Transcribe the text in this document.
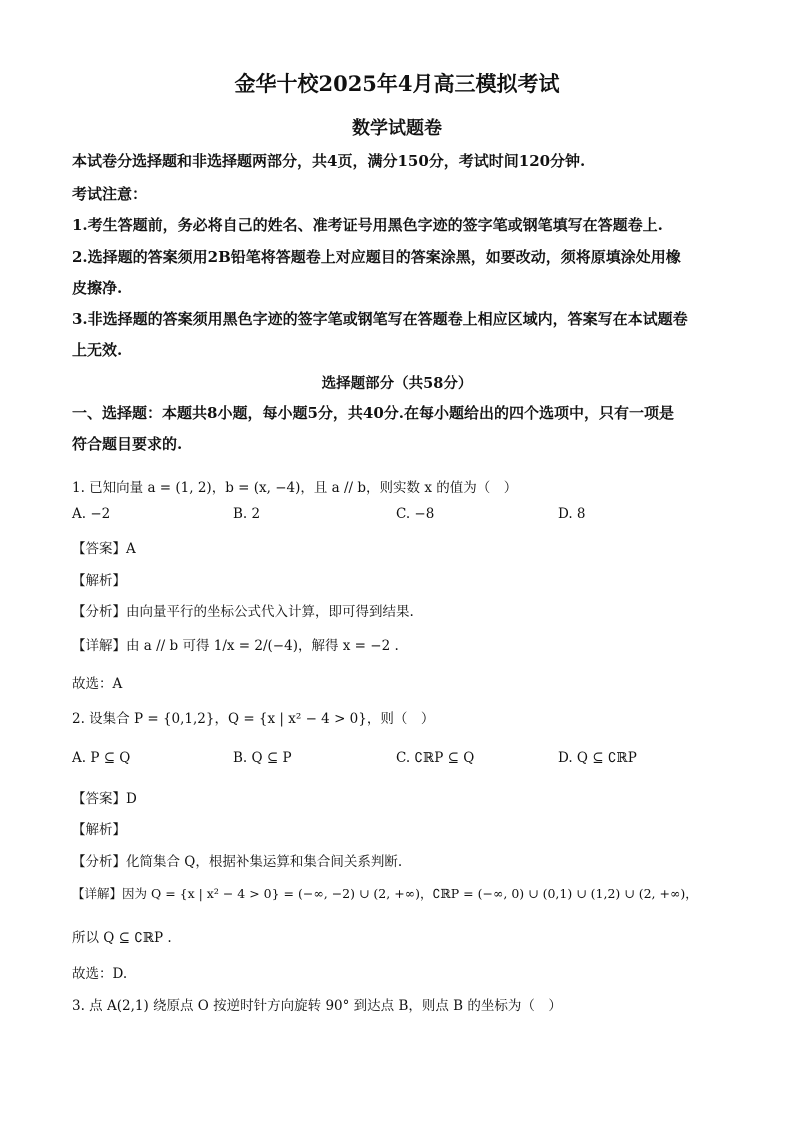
金华十校2025年4月高三模拟考试
数学试题卷
本试卷分选择题和非选择题两部分，共4页，满分150分，考试时间120分钟.
考试注意：
1.考生答题前，务必将自己的姓名、准考证号用黑色字迹的签字笔或钢笔填写在答题卷上.
2.选择题的答案须用2B铅笔将答题卷上对应题目的答案涂黑，如要改动，须将原填涂处用橡
皮擦净.
3.非选择题的答案须用黑色字迹的签字笔或钢笔写在答题卷上相应区域内，答案写在本试题卷
上无效.
选择题部分（共58分）
一、选择题：本题共8小题，每小题5分，共40分.在每小题给出的四个选项中，只有一项是
符合题目要求的.
1. 已知向量 a = (1, 2)，b = (x, −4)，且 a // b，则实数 x 的值为（　）
A. −2	B. 2	C. −8	D. 8
【答案】A
【解析】
【分析】由向量平行的坐标公式代入计算，即可得到结果.
【详解】由 a // b 可得 1/x = 2/(−4)，解得 x = −2 .
故选：A
2. 设集合 P = {0,1,2}，Q = {x | x² − 4 > 0}，则（　）
A. P ⊆ Q	B. Q ⊆ P	C. ∁ℝP ⊆ Q	D. Q ⊆ ∁ℝP
【答案】D
【解析】
【分析】化简集合 Q，根据补集运算和集合间关系判断.
【详解】因为 Q = {x | x² − 4 > 0} = (−∞, −2) ∪ (2, +∞)，∁ℝP = (−∞, 0) ∪ (0,1) ∪ (1,2) ∪ (2, +∞)，
所以 Q ⊆ ∁ℝP .
故选：D.
3. 点 A(2,1) 绕原点 O 按逆时针方向旋转 90° 到达点 B，则点 B 的坐标为（　）
